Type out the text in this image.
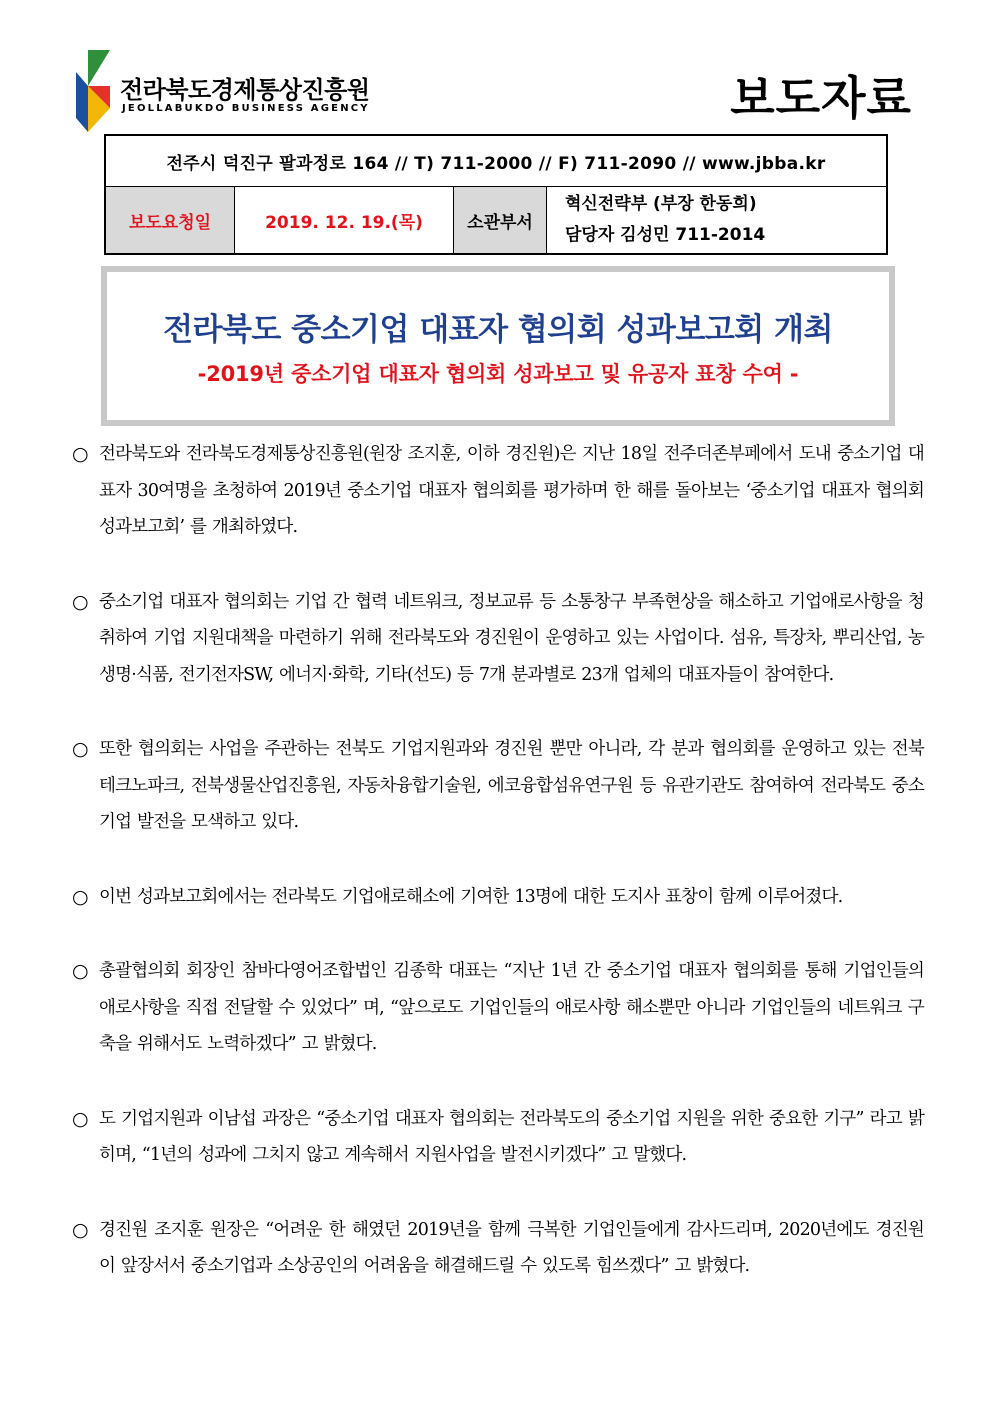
전라북도경제통상진흥원
JEOLLABUKDO BUSINESS AGENCY	보도자료
전주시 덕진구 팔과정로 164 // T) 711-2000 // F) 711-2090 // www.jbba.kr
보도요청일	2019. 12. 19.(목)	소관부서	
혁신전략부 (부장 한동희)
담당자 김성민 711-2014
전라북도 중소기업 대표자 협의회 성과보고회 개최
-2019년 중소기업 대표자 협의회 성과보고 및 유공자 표창 수여 -

○ 전라북도와 전라북도경제통상진흥원(원장 조지훈, 이하 경진원)은 지난 18일 전주더존부페에서 도내 중소기업 대표자 30여명을 초청하여 2019년 중소기업 대표자 협의회를 평가하며 한 해를 돌아보는 ‘중소기업 대표자 협의회 성과보고회’ 를 개최하였다.

○ 중소기업 대표자 협의회는 기업 간 협력 네트워크, 정보교류 등 소통창구 부족현상을 해소하고 기업애로사항을 청취하여 기업 지원대책을 마련하기 위해 전라북도와 경진원이 운영하고 있는 사업이다. 섬유, 특장차, 뿌리산업, 농생명·식품, 전기전자SW, 에너지·화학, 기타(선도) 등 7개 분과별로 23개 업체의 대표자들이 참여한다.

○ 또한 협의회는 사업을 주관하는 전북도 기업지원과와 경진원 뿐만 아니라, 각 분과 협의회를 운영하고 있는 전북테크노파크, 전북생물산업진흥원, 자동차융합기술원, 에코융합섬유연구원 등 유관기관도 참여하여 전라북도 중소기업 발전을 모색하고 있다.

○ 이번 성과보고회에서는 전라북도 기업애로해소에 기여한 13명에 대한 도지사 표창이 함께 이루어졌다.

○ 총괄협의회 회장인 참바다영어조합법인 김종학 대표는 “지난 1년 간 중소기업 대표자 협의회를 통해 기업인들의 애로사항을 직접 전달할 수 있었다” 며, “앞으로도 기업인들의 애로사항 해소뿐만 아니라 기업인들의 네트워크 구축을 위해서도 노력하겠다” 고 밝혔다.

○ 도 기업지원과 이남섭 과장은 “중소기업 대표자 협의회는 전라북도의 중소기업 지원을 위한 중요한 기구” 라고 밝히며, “1년의 성과에 그치지 않고 계속해서 지원사업을 발전시키겠다” 고 말했다.

○ 경진원 조지훈 원장은 “어려운 한 해였던 2019년을 함께 극복한 기업인들에게 감사드리며, 2020년에도 경진원이 앞장서서 중소기업과 소상공인의 어려움을 해결해드릴 수 있도록 힘쓰겠다” 고 밝혔다.
